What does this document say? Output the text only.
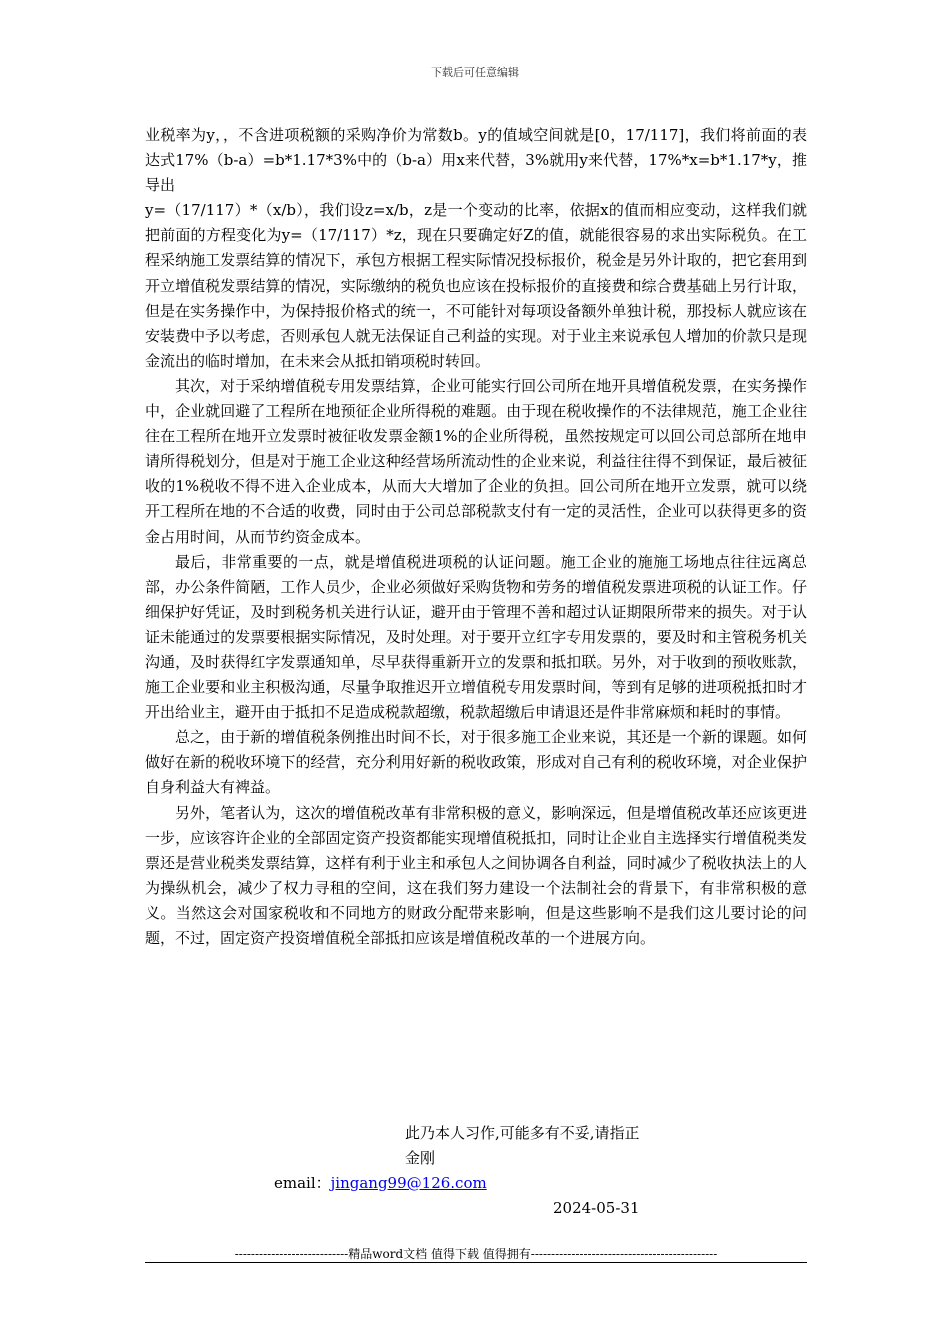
下载后可任意编辑

业税率为y，，不含进项税额的采购净价为常数b。y的值域空间就是[0，17/117]，我们将前面的表达式17%（b-a）=b*1.17*3%中的（b-a）用x来代替，3%就用y来代替，17%*x=b*1.17*y，推导出

y=（17/117）*（x/b），我们设z=x/b，z是一个变动的比率，依据x的值而相应变动，这样我们就把前面的方程变化为y=（17/117）*z，现在只要确定好Z的值，就能很容易的求出实际税负。在工程采纳施工发票结算的情况下，承包方根据工程实际情况投标报价，税金是另外计取的，把它套用到开立增值税发票结算的情况，实际缴纳的税负也应该在投标报价的直接费和综合费基础上另行计取，但是在实务操作中，为保持报价格式的统一，不可能针对每项设备额外单独计税，那投标人就应该在安装费中予以考虑，否则承包人就无法保证自己利益的实现。对于业主来说承包人增加的价款只是现金流出的临时增加，在未来会从抵扣销项税时转回。

其次，对于采纳增值税专用发票结算，企业可能实行回公司所在地开具增值税发票，在实务操作中，企业就回避了工程所在地预征企业所得税的难题。由于现在税收操作的不法律规范，施工企业往往在工程所在地开立发票时被征收发票金额1%的企业所得税，虽然按规定可以回公司总部所在地申请所得税划分，但是对于施工企业这种经营场所流动性的企业来说，利益往往得不到保证，最后被征收的1%税收不得不进入企业成本，从而大大增加了企业的负担。回公司所在地开立发票，就可以绕开工程所在地的不合适的收费，同时由于公司总部税款支付有一定的灵活性，企业可以获得更多的资金占用时间，从而节约资金成本。

最后，非常重要的一点，就是增值税进项税的认证问题。施工企业的施施工场地点往往远离总部，办公条件简陋，工作人员少，企业必须做好采购货物和劳务的增值税发票进项税的认证工作。仔细保护好凭证，及时到税务机关进行认证，避开由于管理不善和超过认证期限所带来的损失。对于认证未能通过的发票要根据实际情况，及时处理。对于要开立红字专用发票的，要及时和主管税务机关沟通，及时获得红字发票通知单，尽早获得重新开立的发票和抵扣联。另外，对于收到的预收账款，施工企业要和业主积极沟通，尽量争取推迟开立增值税专用发票时间，等到有足够的进项税抵扣时才开出给业主，避开由于抵扣不足造成税款超缴，税款超缴后申请退还是件非常麻烦和耗时的事情。

总之，由于新的增值税条例推出时间不长，对于很多施工企业来说，其还是一个新的课题。如何做好在新的税收环境下的经营，充分利用好新的税收政策，形成对自己有利的税收环境，对企业保护自身利益大有裨益。

另外，笔者认为，这次的增值税改革有非常积极的意义，影响深远，但是增值税改革还应该更进一步，应该容许企业的全部固定资产投资都能实现增值税抵扣，同时让企业自主选择实行增值税类发票还是营业税类发票结算，这样有利于业主和承包人之间协调各自利益，同时减少了税收执法上的人为操纵机会，减少了权力寻租的空间，这在我们努力建设一个法制社会的背景下，有非常积极的意义。当然这会对国家税收和不同地方的财政分配带来影响，但是这些影响不是我们这儿要讨论的问题，不过，固定资产投资增值税全部抵扣应该是增值税改革的一个进展方向。

此乃本人习作,可能多有不妥,请指正
金刚
email：jingang99@126.com
2024-05-31
----------------------------精品word文档 值得下载 值得拥有----------------------------------------------
